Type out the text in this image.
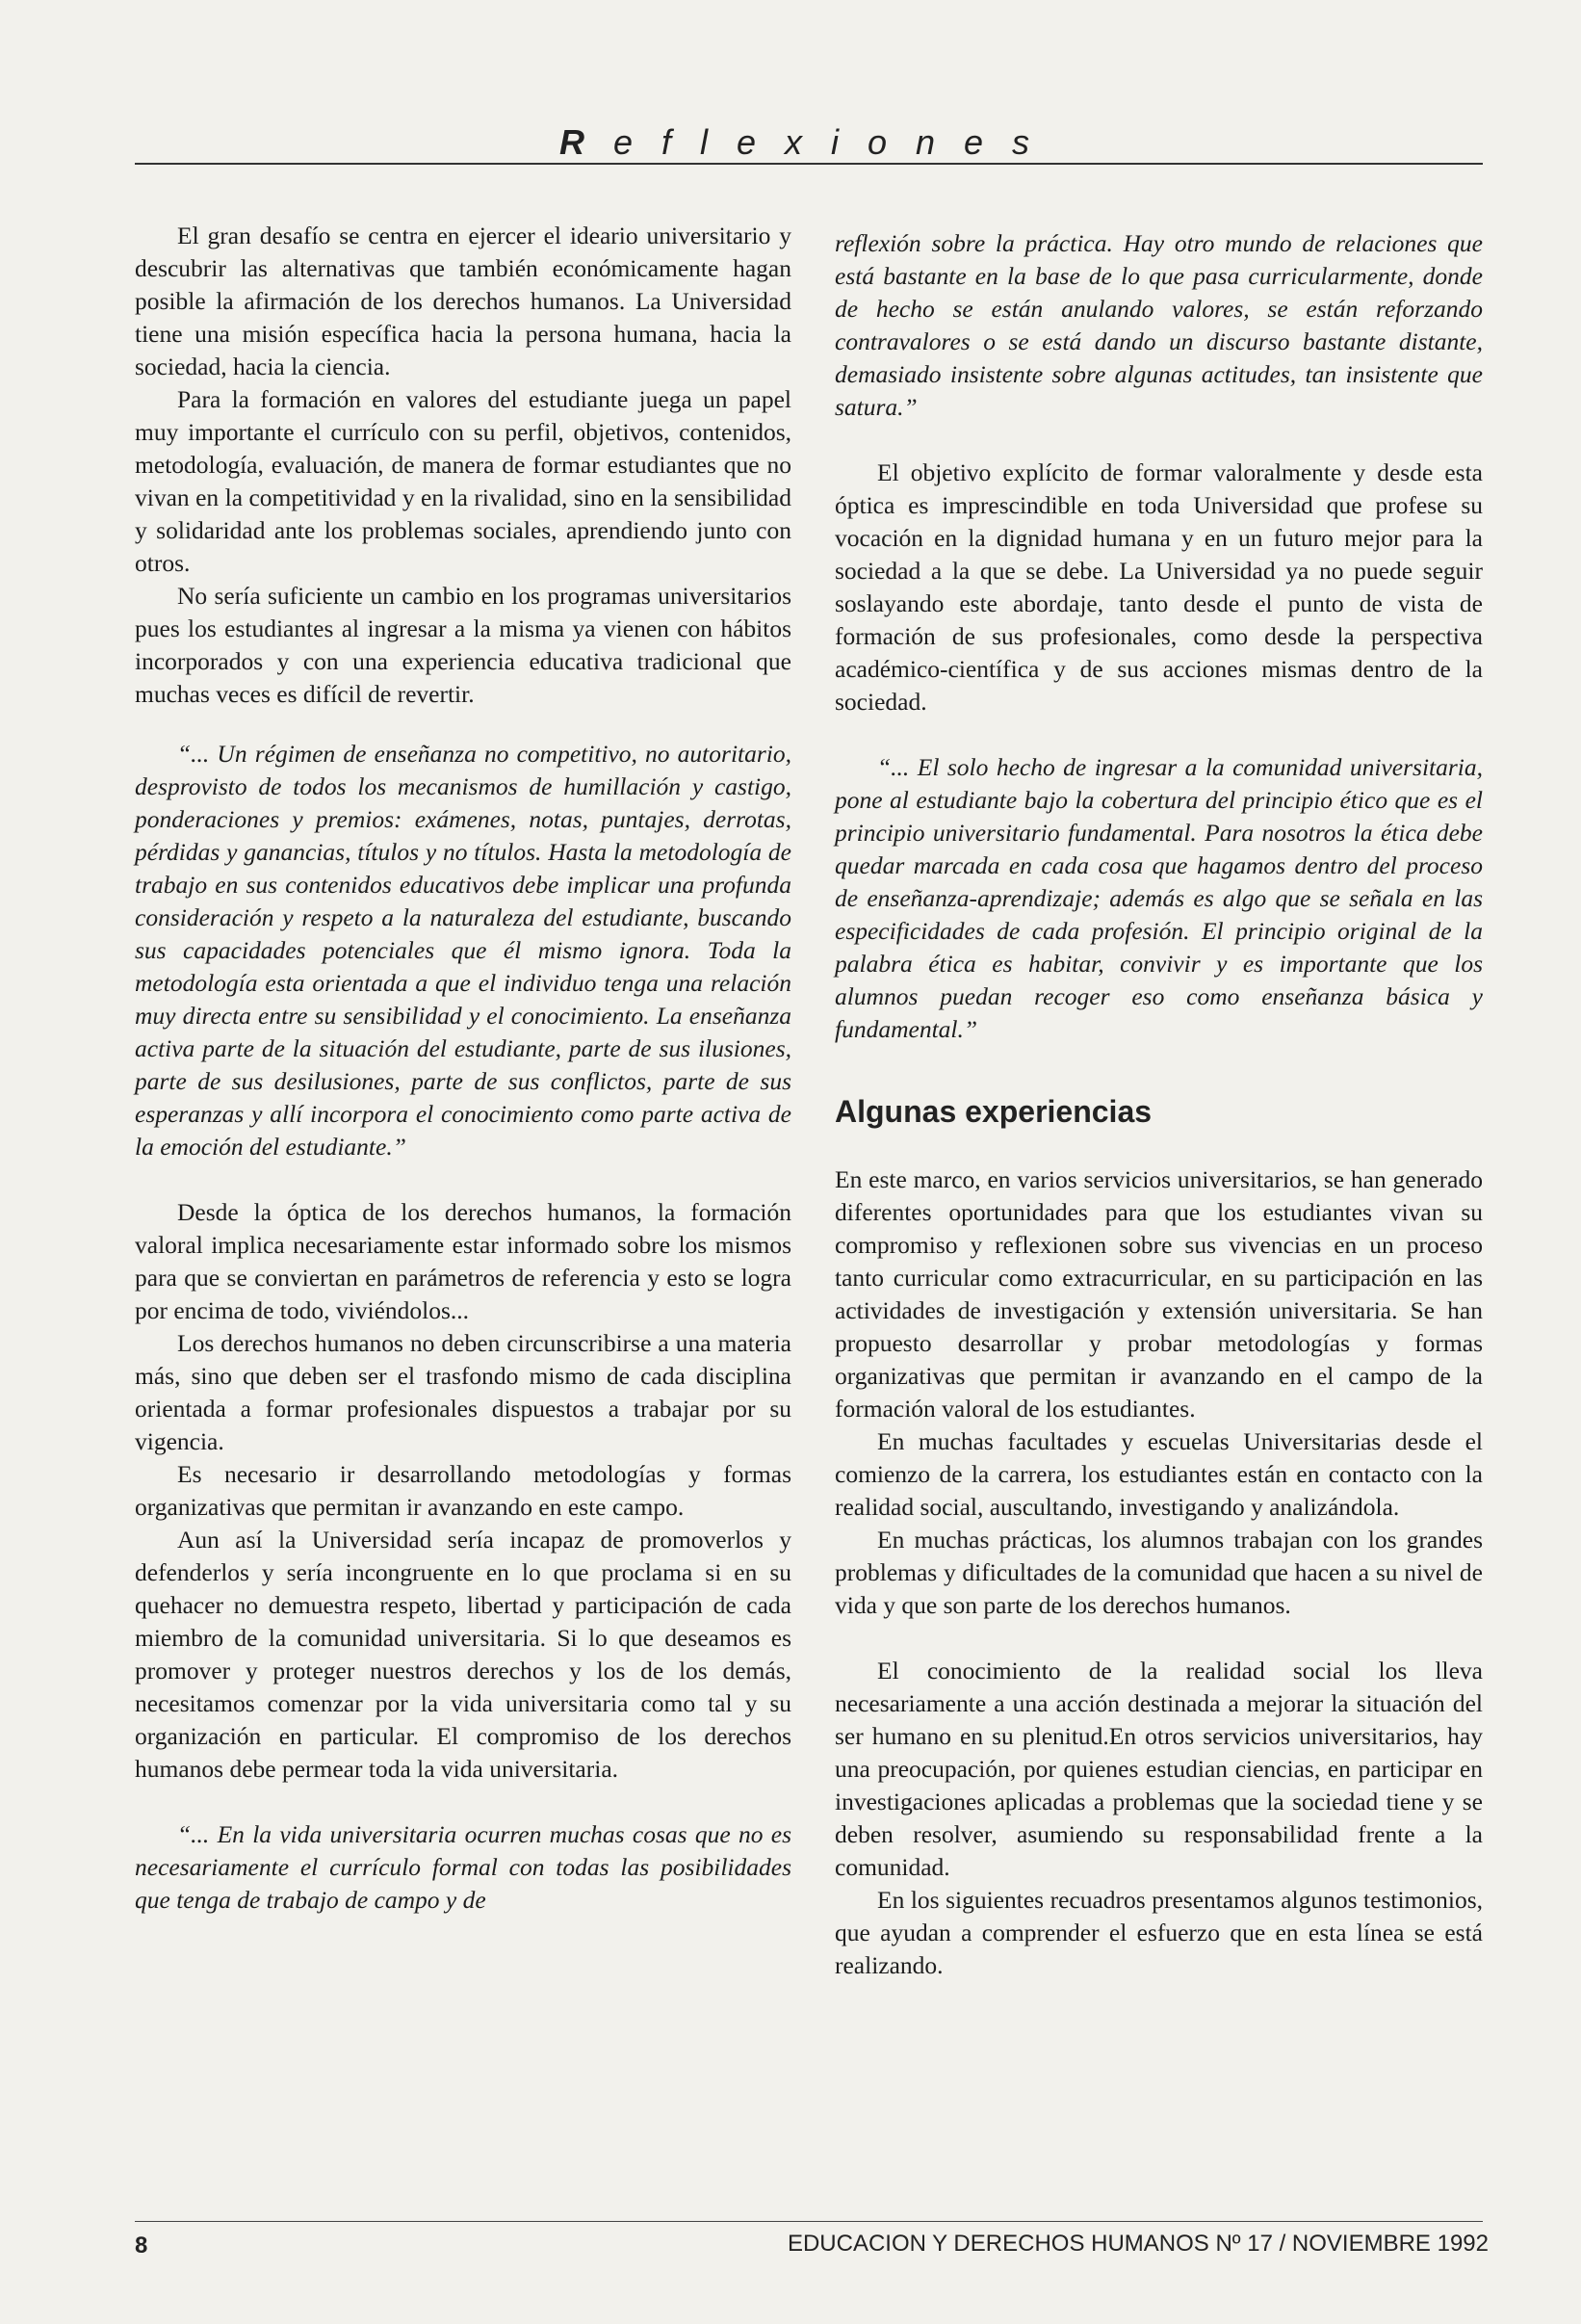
Reflexiones

El gran desafío se centra en ejercer el ideario universitario y descubrir las alternativas que también económicamente hagan posible la afirmación de los derechos humanos. La Universidad tiene una misión específica hacia la persona humana, hacia la sociedad, hacia la ciencia.

Para la formación en valores del estudiante juega un papel muy importante el currículo con su perfil, objetivos, contenidos, metodología, evaluación, de manera de formar estudiantes que no vivan en la competitividad y en la rivalidad, sino en la sensibilidad y solidaridad ante los problemas sociales, aprendiendo junto con otros.

No sería suficiente un cambio en los programas universitarios pues los estudiantes al ingresar a la misma ya vienen con hábitos incorporados y con una experiencia educativa tradicional que muchas veces es difícil de revertir.

“... Un régimen de enseñanza no competitivo, no autoritario, desprovisto de todos los mecanismos de humillación y castigo, ponderaciones y premios: exámenes, notas, puntajes, derrotas, pérdidas y ganancias, títulos y no títulos. Hasta la metodología de trabajo en sus contenidos educativos debe implicar una profunda consideración y respeto a la naturaleza del estudiante, buscando sus capacidades potenciales que él mismo ignora. Toda la metodología esta orientada a que el individuo tenga una relación muy directa entre su sensibilidad y el conocimiento. La enseñanza activa parte de la situación del estudiante, parte de sus ilusiones, parte de sus desilusiones, parte de sus conflictos, parte de sus esperanzas y allí incorpora el conocimiento como parte activa de la emoción del estudiante.”

Desde la óptica de los derechos humanos, la formación valoral implica necesariamente estar informado sobre los mismos para que se conviertan en parámetros de referencia y esto se logra por encima de todo, viviéndolos...

Los derechos humanos no deben circunscribirse a una materia más, sino que deben ser el trasfondo mismo de cada disciplina orientada a formar profesionales dispuestos a trabajar por su vigencia.

Es necesario ir desarrollando metodologías y formas organizativas que permitan ir avanzando en este campo.

Aun así la Universidad sería incapaz de promoverlos y defenderlos y sería incongruente en lo que proclama si en su quehacer no demuestra respeto, libertad y participación de cada miembro de la comunidad universitaria. Si lo que deseamos es promover y proteger nuestros derechos y los de los demás, necesitamos comenzar por la vida universitaria como tal y su organización en particular. El compromiso de los derechos humanos debe permear toda la vida universitaria.

“... En la vida universitaria ocurren muchas cosas que no es necesariamente el currículo formal con todas las posibilidades que tenga de trabajo de campo y de

reflexión sobre la práctica. Hay otro mundo de relaciones que está bastante en la base de lo que pasa curricularmente, donde de hecho se están anulando valores, se están reforzando contravalores o se está dando un discurso bastante distante, demasiado insistente sobre algunas actitudes, tan insistente que satura.”

El objetivo explícito de formar valoralmente y desde esta óptica es imprescindible en toda Universidad que profese su vocación en la dignidad humana y en un futuro mejor para la sociedad a la que se debe. La Universidad ya no puede seguir soslayando este abordaje, tanto desde el punto de vista de formación de sus profesionales, como desde la perspectiva académico-científica y de sus acciones mismas dentro de la sociedad.

“... El solo hecho de ingresar a la comunidad universitaria, pone al estudiante bajo la cobertura del principio ético que es el principio universitario fundamental. Para nosotros la ética debe quedar marcada en cada cosa que hagamos dentro del proceso de enseñanza-aprendizaje; además es algo que se señala en las especificidades de cada profesión. El principio original de la palabra ética es habitar, convivir y es importante que los alumnos puedan recoger eso como enseñanza básica y fundamental.”

Algunas experiencias

En este marco, en varios servicios universitarios, se han generado diferentes oportunidades para que los estudiantes vivan su compromiso y reflexionen sobre sus vivencias en un proceso tanto curricular como extracurricular, en su participación en las actividades de investigación y extensión universitaria. Se han propuesto desarrollar y probar metodologías y formas organizativas que permitan ir avanzando en el campo de la formación valoral de los estudiantes.

En muchas facultades y escuelas Universitarias desde el comienzo de la carrera, los estudiantes están en contacto con la realidad social, auscultando, investigando y analizándola.

En muchas prácticas, los alumnos trabajan con los grandes problemas y dificultades de la comunidad que hacen a su nivel de vida y que son parte de los derechos humanos.

El conocimiento de la realidad social los lleva necesariamente a una acción destinada a mejorar la situación del ser humano en su plenitud.En otros servicios universitarios, hay una preocupación, por quienes estudian ciencias, en participar en investigaciones aplicadas a problemas que la sociedad tiene y se deben resolver, asumiendo su responsabilidad frente a la comunidad.

En los siguientes recuadros presentamos algunos testimonios, que ayudan a comprender el esfuerzo que en esta línea se está realizando.

8	EDUCACION Y DERECHOS HUMANOS Nº 17 / NOVIEMBRE 1992
